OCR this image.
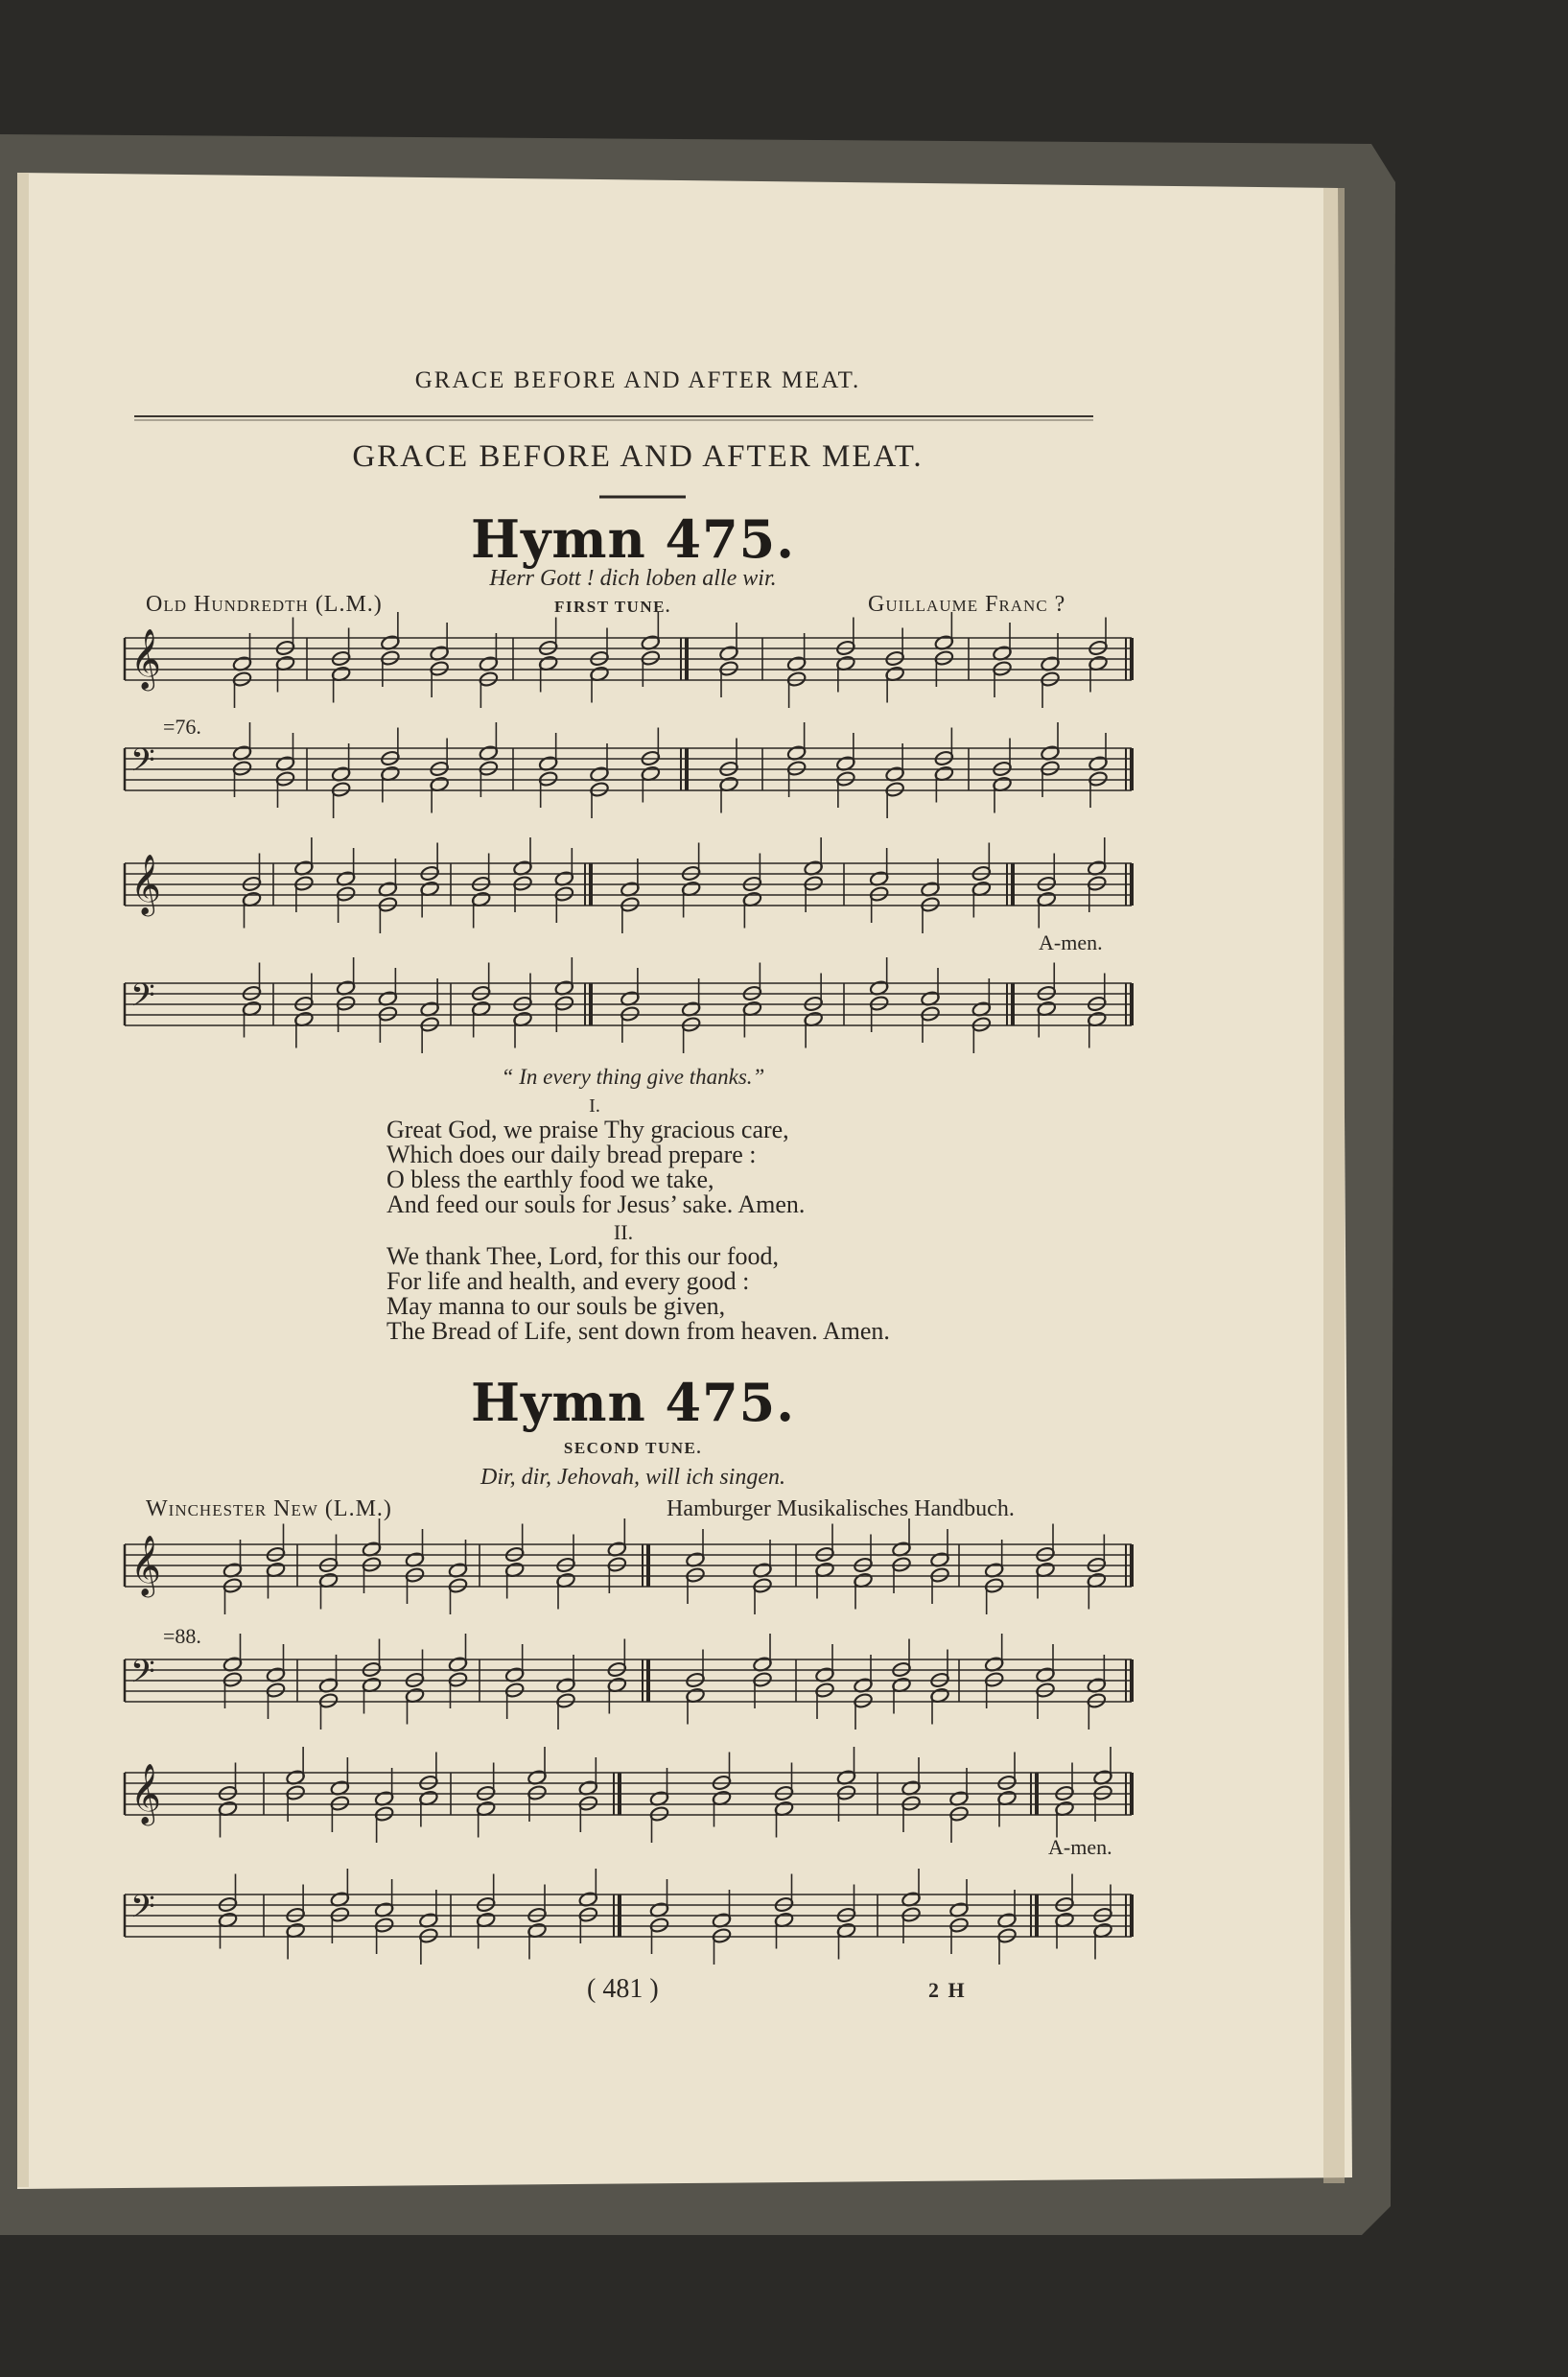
𝄞
𝄢
𝄞
𝄢
𝄞
𝄢
𝄞
𝄢
GRACE BEFORE AND AFTER MEAT.
GRACE BEFORE AND AFTER MEAT.
Hymn 475.
Herr Gott ! dich loben alle wir.
Old Hundredth (L.M.)	FIRST TUNE.	Guillaume Franc ?
=76.
A-men.
“ In every thing give thanks.”
I.
Great God, we praise Thy gracious care,
Which does our daily bread prepare :
O bless the earthly food we take,
And feed our souls for Jesus’ sake. Amen.
II.
We thank Thee, Lord, for this our food,
For life and health, and every good :
May manna to our souls be given,
The Bread of Life, sent down from heaven. Amen.
Hymn 475.
SECOND TUNE.
Dir, dir, Jehovah, will ich singen.
Winchester New (L.M.)	Hamburger Musikalisches Handbuch.
=88.
A-men.
( 481 )	2 H
